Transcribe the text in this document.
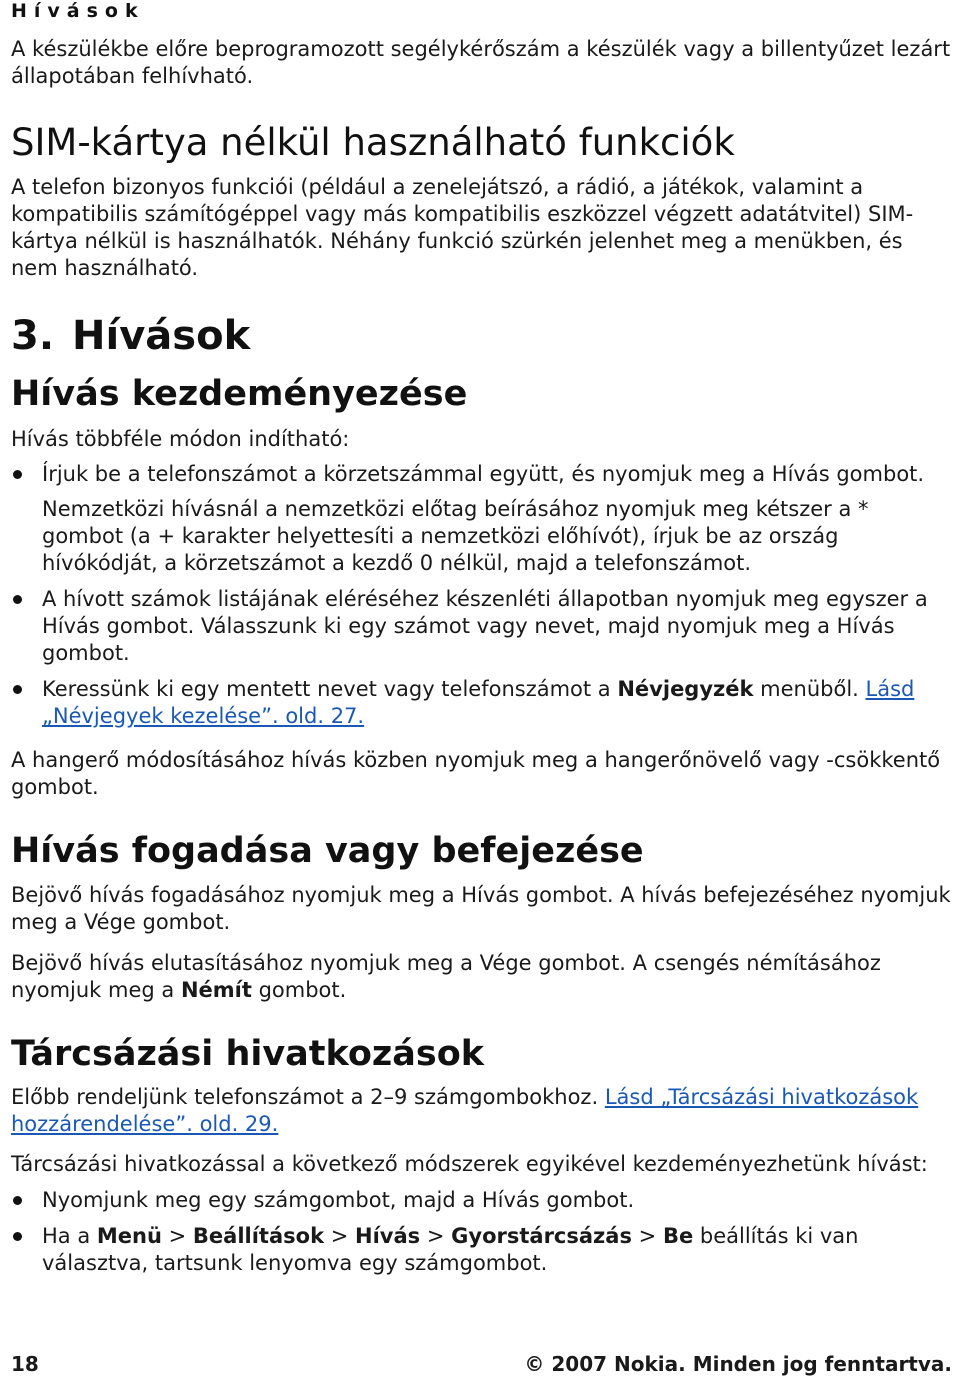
Hívások

A készülékbe előre beprogramozott segélykérőszám a készülék vagy a billentyűzet lezárt állapotában felhívható.

SIM-kártya nélkül használható funkciók

A telefon bizonyos funkciói (például a zenelejátszó, a rádió, a játékok, valamint a kompatibilis számítógéppel vagy más kompatibilis eszközzel végzett adatátvitel) SIM-kártya nélkül is használhatók. Néhány funkció szürkén jelenhet meg a menükben, és nem használható.

3. Hívások
Hívás kezdeményezése

Hívás többféle módon indítható:

Írjuk be a telefonszámot a körzetszámmal együtt, és nyomjuk meg a Hívás gombot.

Nemzetközi hívásnál a nemzetközi előtag beírásához nyomjuk meg kétszer a * gombot (a + karakter helyettesíti a nemzetközi előhívót), írjuk be az ország hívókódját, a körzetszámot a kezdő 0 nélkül, majd a telefonszámot.

A hívott számok listájának eléréséhez készenléti állapotban nyomjuk meg egyszer a Hívás gombot. Válasszunk ki egy számot vagy nevet, majd nyomjuk meg a Hívás gombot.
Keressünk ki egy mentett nevet vagy telefonszámot a Névjegyzék menüből. Lásd „Névjegyek kezelése”. old. 27.

A hangerő módosításához hívás közben nyomjuk meg a hangerőnövelő vagy -csökkentő gombot.

Hívás fogadása vagy befejezése

Bejövő hívás fogadásához nyomjuk meg a Hívás gombot. A hívás befejezéséhez nyomjuk meg a Vége gombot.

Bejövő hívás elutasításához nyomjuk meg a Vége gombot. A csengés némításához nyomjuk meg a Némít gombot.

Tárcsázási hivatkozások

Előbb rendeljünk telefonszámot a 2–9 számgombokhoz. Lásd „Tárcsázási hivatkozások hozzárendelése”. old. 29.

Tárcsázási hivatkozással a következő módszerek egyikével kezdeményezhetünk hívást:

Nyomjunk meg egy számgombot, majd a Hívás gombot.
Ha a Menü > Beállítások > Hívás > Gyorstárcsázás > Be beállítás ki van választva, tartsunk lenyomva egy számgombot.
18	© 2007 Nokia. Minden jog fenntartva.
